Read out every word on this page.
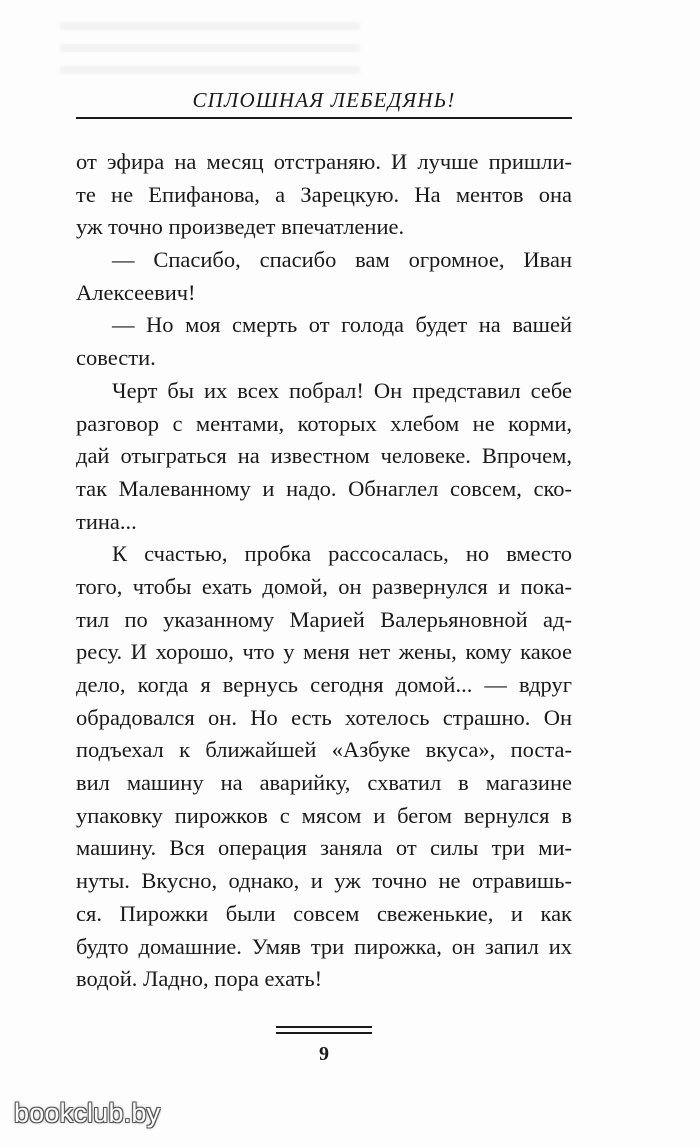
СПЛОШНАЯ ЛЕБЕДЯНЬ!
от эфира на месяц отстраняю. И лучше пришли-
те не Епифанова, а Зарецкую. На ментов она
уж точно произведет впечатление.
— Спасибо, спасибо вам огромное, Иван
Алексеевич!
— Но моя смерть от голода будет на вашей
совести.
Черт бы их всех побрал! Он представил себе
разговор с ментами, которых хлебом не корми,
дай отыграться на известном человеке. Впрочем,
так Малеванному и надо. Обнаглел совсем, ско-
тина...
К счастью, пробка рассосалась, но вместо
того, чтобы ехать домой, он развернулся и пока-
тил по указанному Марией Валерьяновной ад-
ресу. И хорошо, что у меня нет жены, кому какое
дело, когда я вернусь сегодня домой... — вдруг
обрадовался он. Но есть хотелось страшно. Он
подъехал к ближайшей «Азбуке вкуса», поста-
вил машину на аварийку, схватил в магазине
упаковку пирожков с мясом и бегом вернулся в
машину. Вся операция заняла от силы три ми-
нуты. Вкусно, однако, и уж точно не отравишь-
ся. Пирожки были совсем свеженькие, и как
будто домашние. Умяв три пирожка, он запил их
водой. Ладно, пора ехать!
9
bookclub.by
